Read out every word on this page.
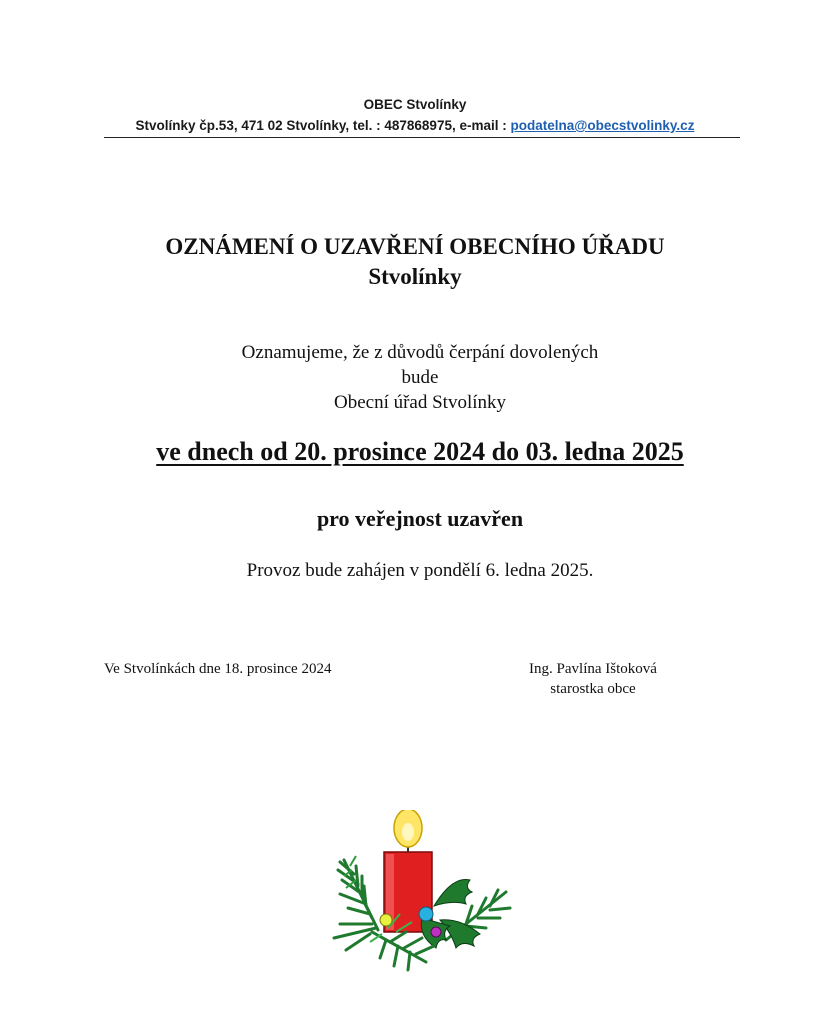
OBEC Stvolínky
Stvolínky čp.53, 471 02 Stvolínky, tel. : 487868975, e-mail : podatelna@obecstvolinky.cz
OZNÁMENÍ O UZAVŘENÍ OBECNÍHO ÚŘADU
Stvolínky
Oznamujeme, že z důvodů čerpání dovolených
bude
Obecní úřad Stvolínky
ve dnech od 20. prosince 2024 do 03. ledna 2025
pro veřejnost uzavřen
Provoz bude zahájen v pondělí 6. ledna 2025.
Ve Stvolínkách dne 18. prosince 2024	Ing. Pavlína Ištoková
starostka obce
